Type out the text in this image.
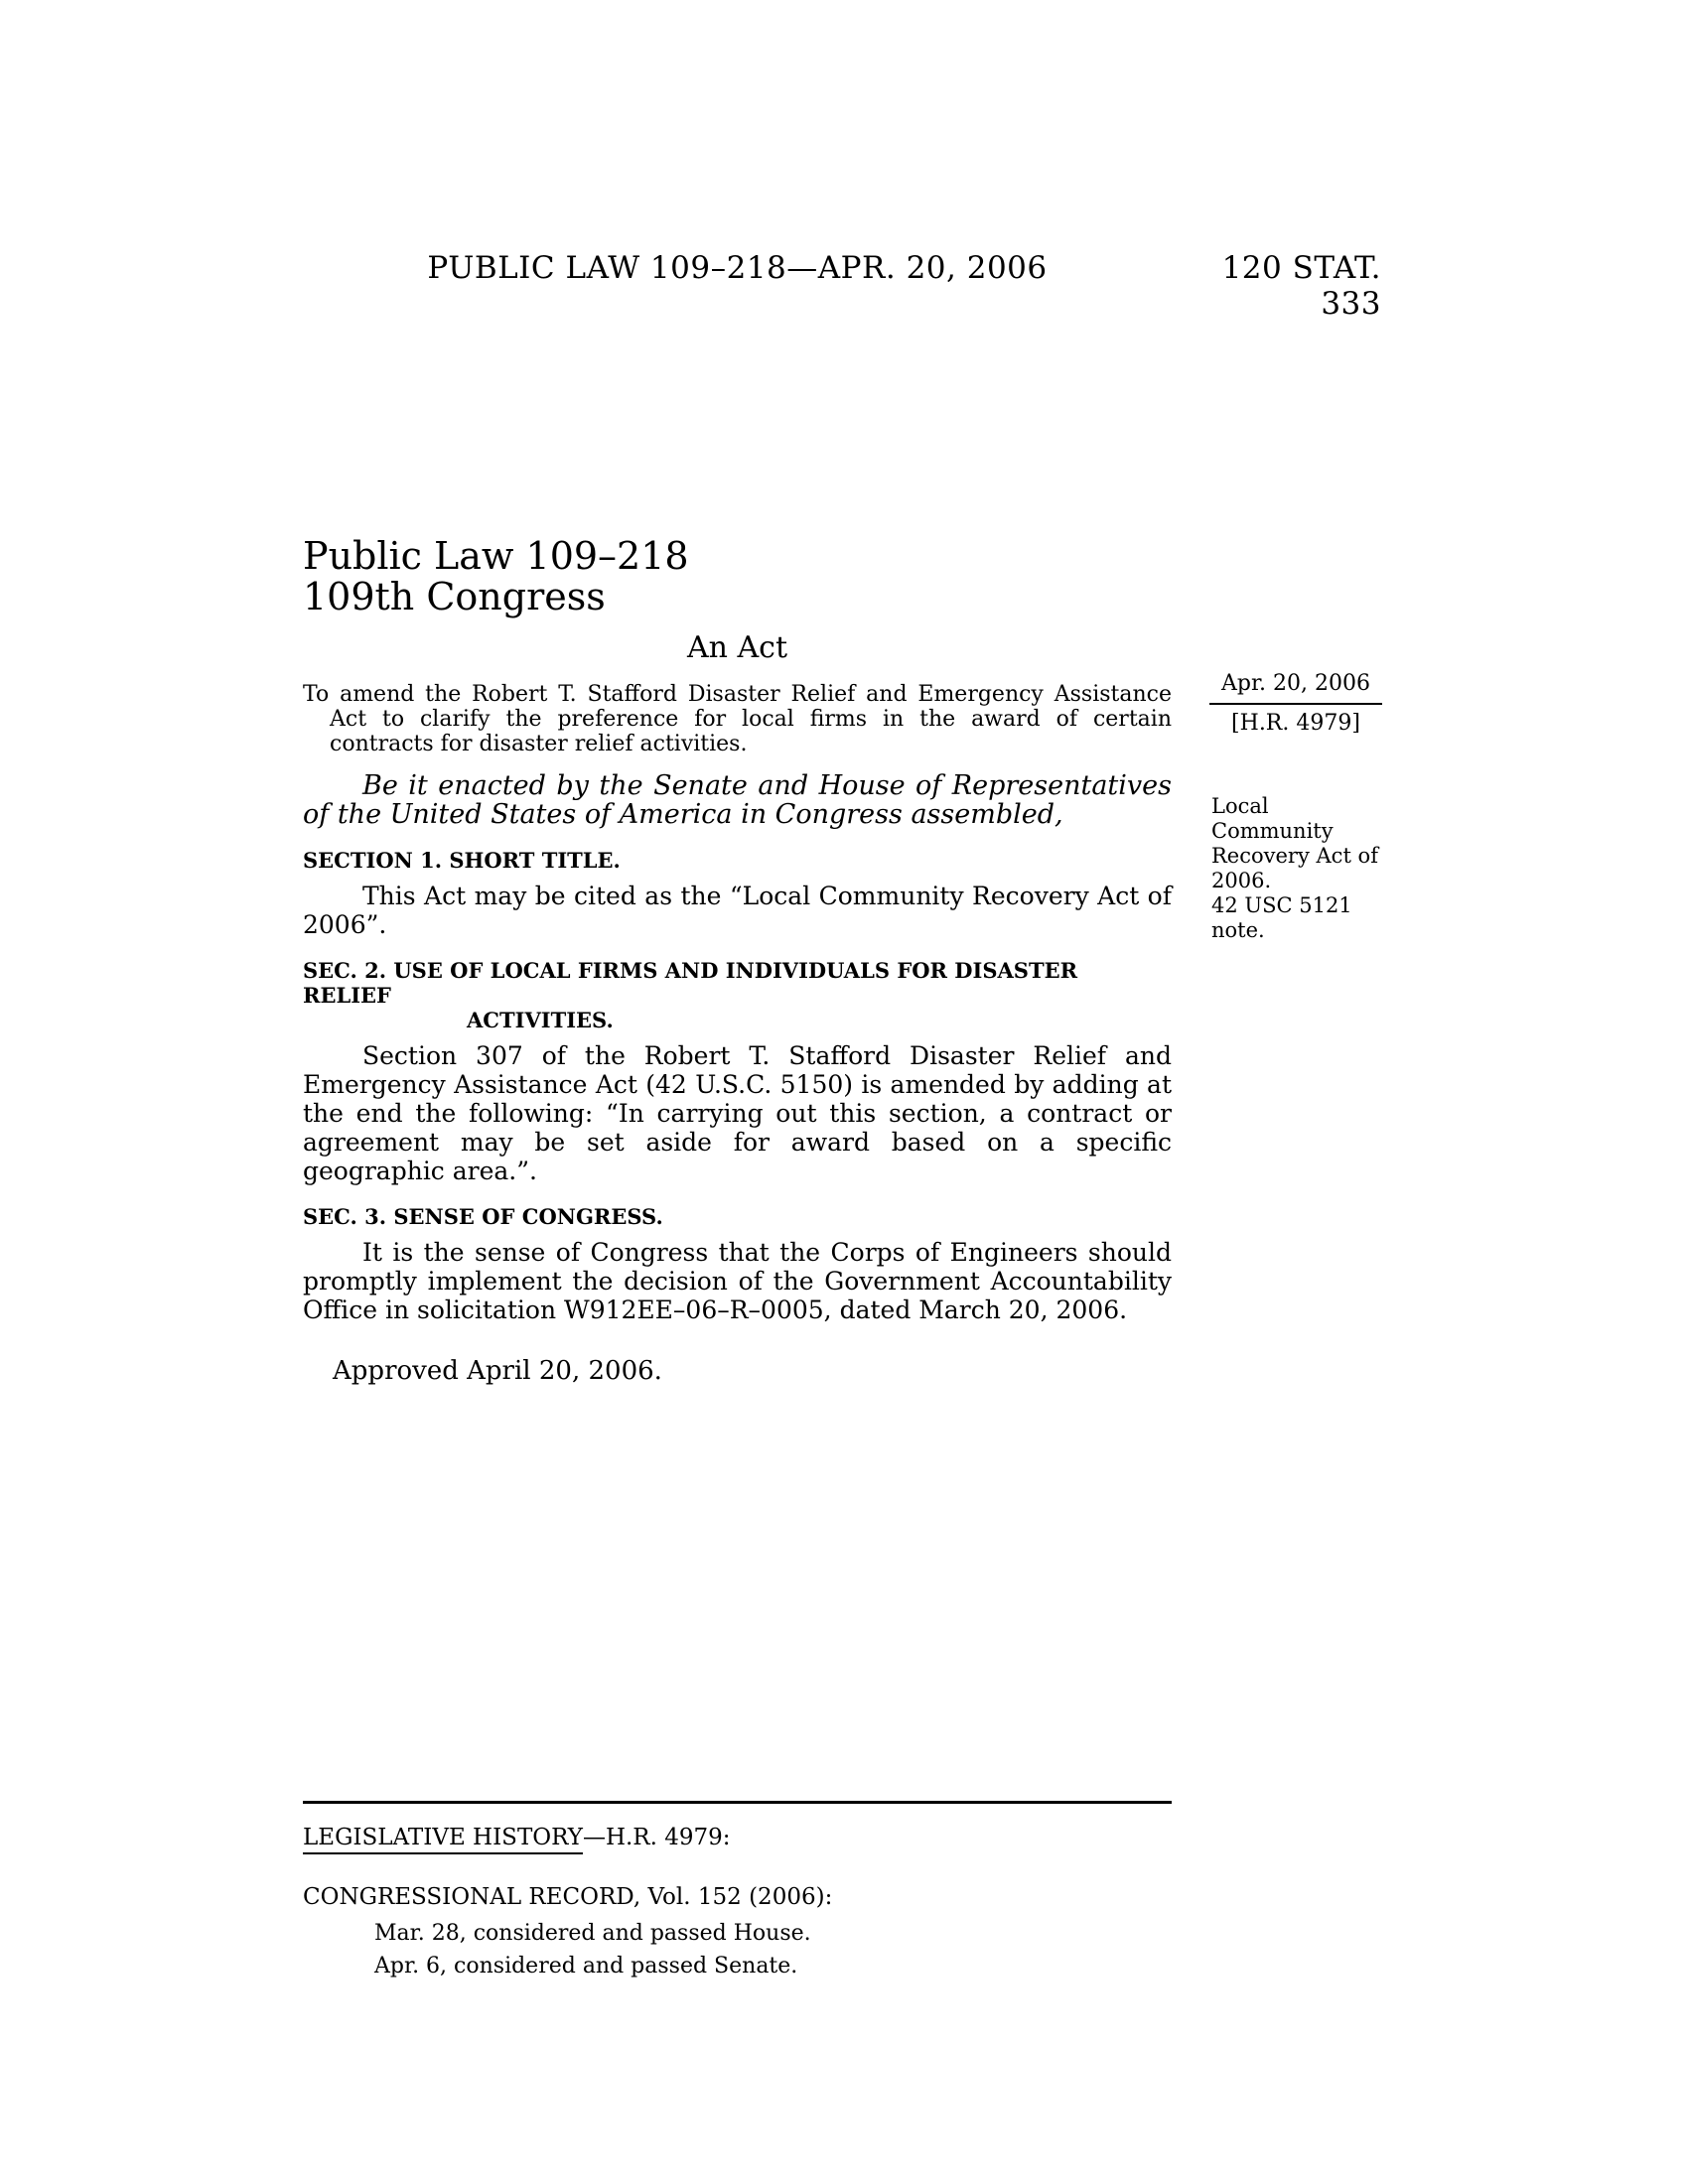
PUBLIC LAW 109–218—APR. 20, 2006	120 STAT. 333
Public Law 109–218
109th Congress
An Act

To amend the Robert T. Stafford Disaster Relief and Emergency Assistance Act to clarify the preference for local firms in the award of certain contracts for disaster relief activities.

Be it enacted by the Senate and House of Representatives of the United States of America in Congress assembled,

SECTION 1. SHORT TITLE.

This Act may be cited as the “Local Community Recovery Act of 2006”.

SEC. 2. USE OF LOCAL FIRMS AND INDIVIDUALS FOR DISASTER RELIEF
ACTIVITIES.

Section 307 of the Robert T. Stafford Disaster Relief and Emergency Assistance Act (42 U.S.C. 5150) is amended by adding at the end the following: “In carrying out this section, a contract or agreement may be set aside for award based on a specific geographic area.”.

SEC. 3. SENSE OF CONGRESS.

It is the sense of Congress that the Corps of Engineers should promptly implement the decision of the Government Accountability Office in solicitation W912EE–06–R–0005, dated March 20, 2006.

Approved April 20, 2006.

Apr. 20, 2006
[H.R. 4979]
Local Community Recovery Act of 2006.
42 USC 5121 note.
LEGISLATIVE HISTORY—H.R. 4979:
CONGRESSIONAL RECORD, Vol. 152 (2006):
Mar. 28, considered and passed House.
Apr. 6, considered and passed Senate.
